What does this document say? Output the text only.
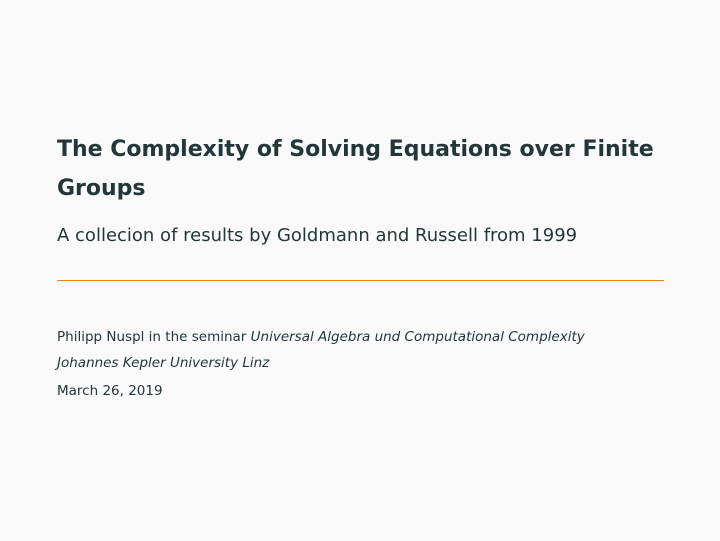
The Complexity of Solving Equations over Finite Groups
A collecion of results by Goldmann and Russell from 1999
Philipp Nuspl in the seminar Universal Algebra und Computational Complexity
Johannes Kepler University Linz
March 26, 2019
